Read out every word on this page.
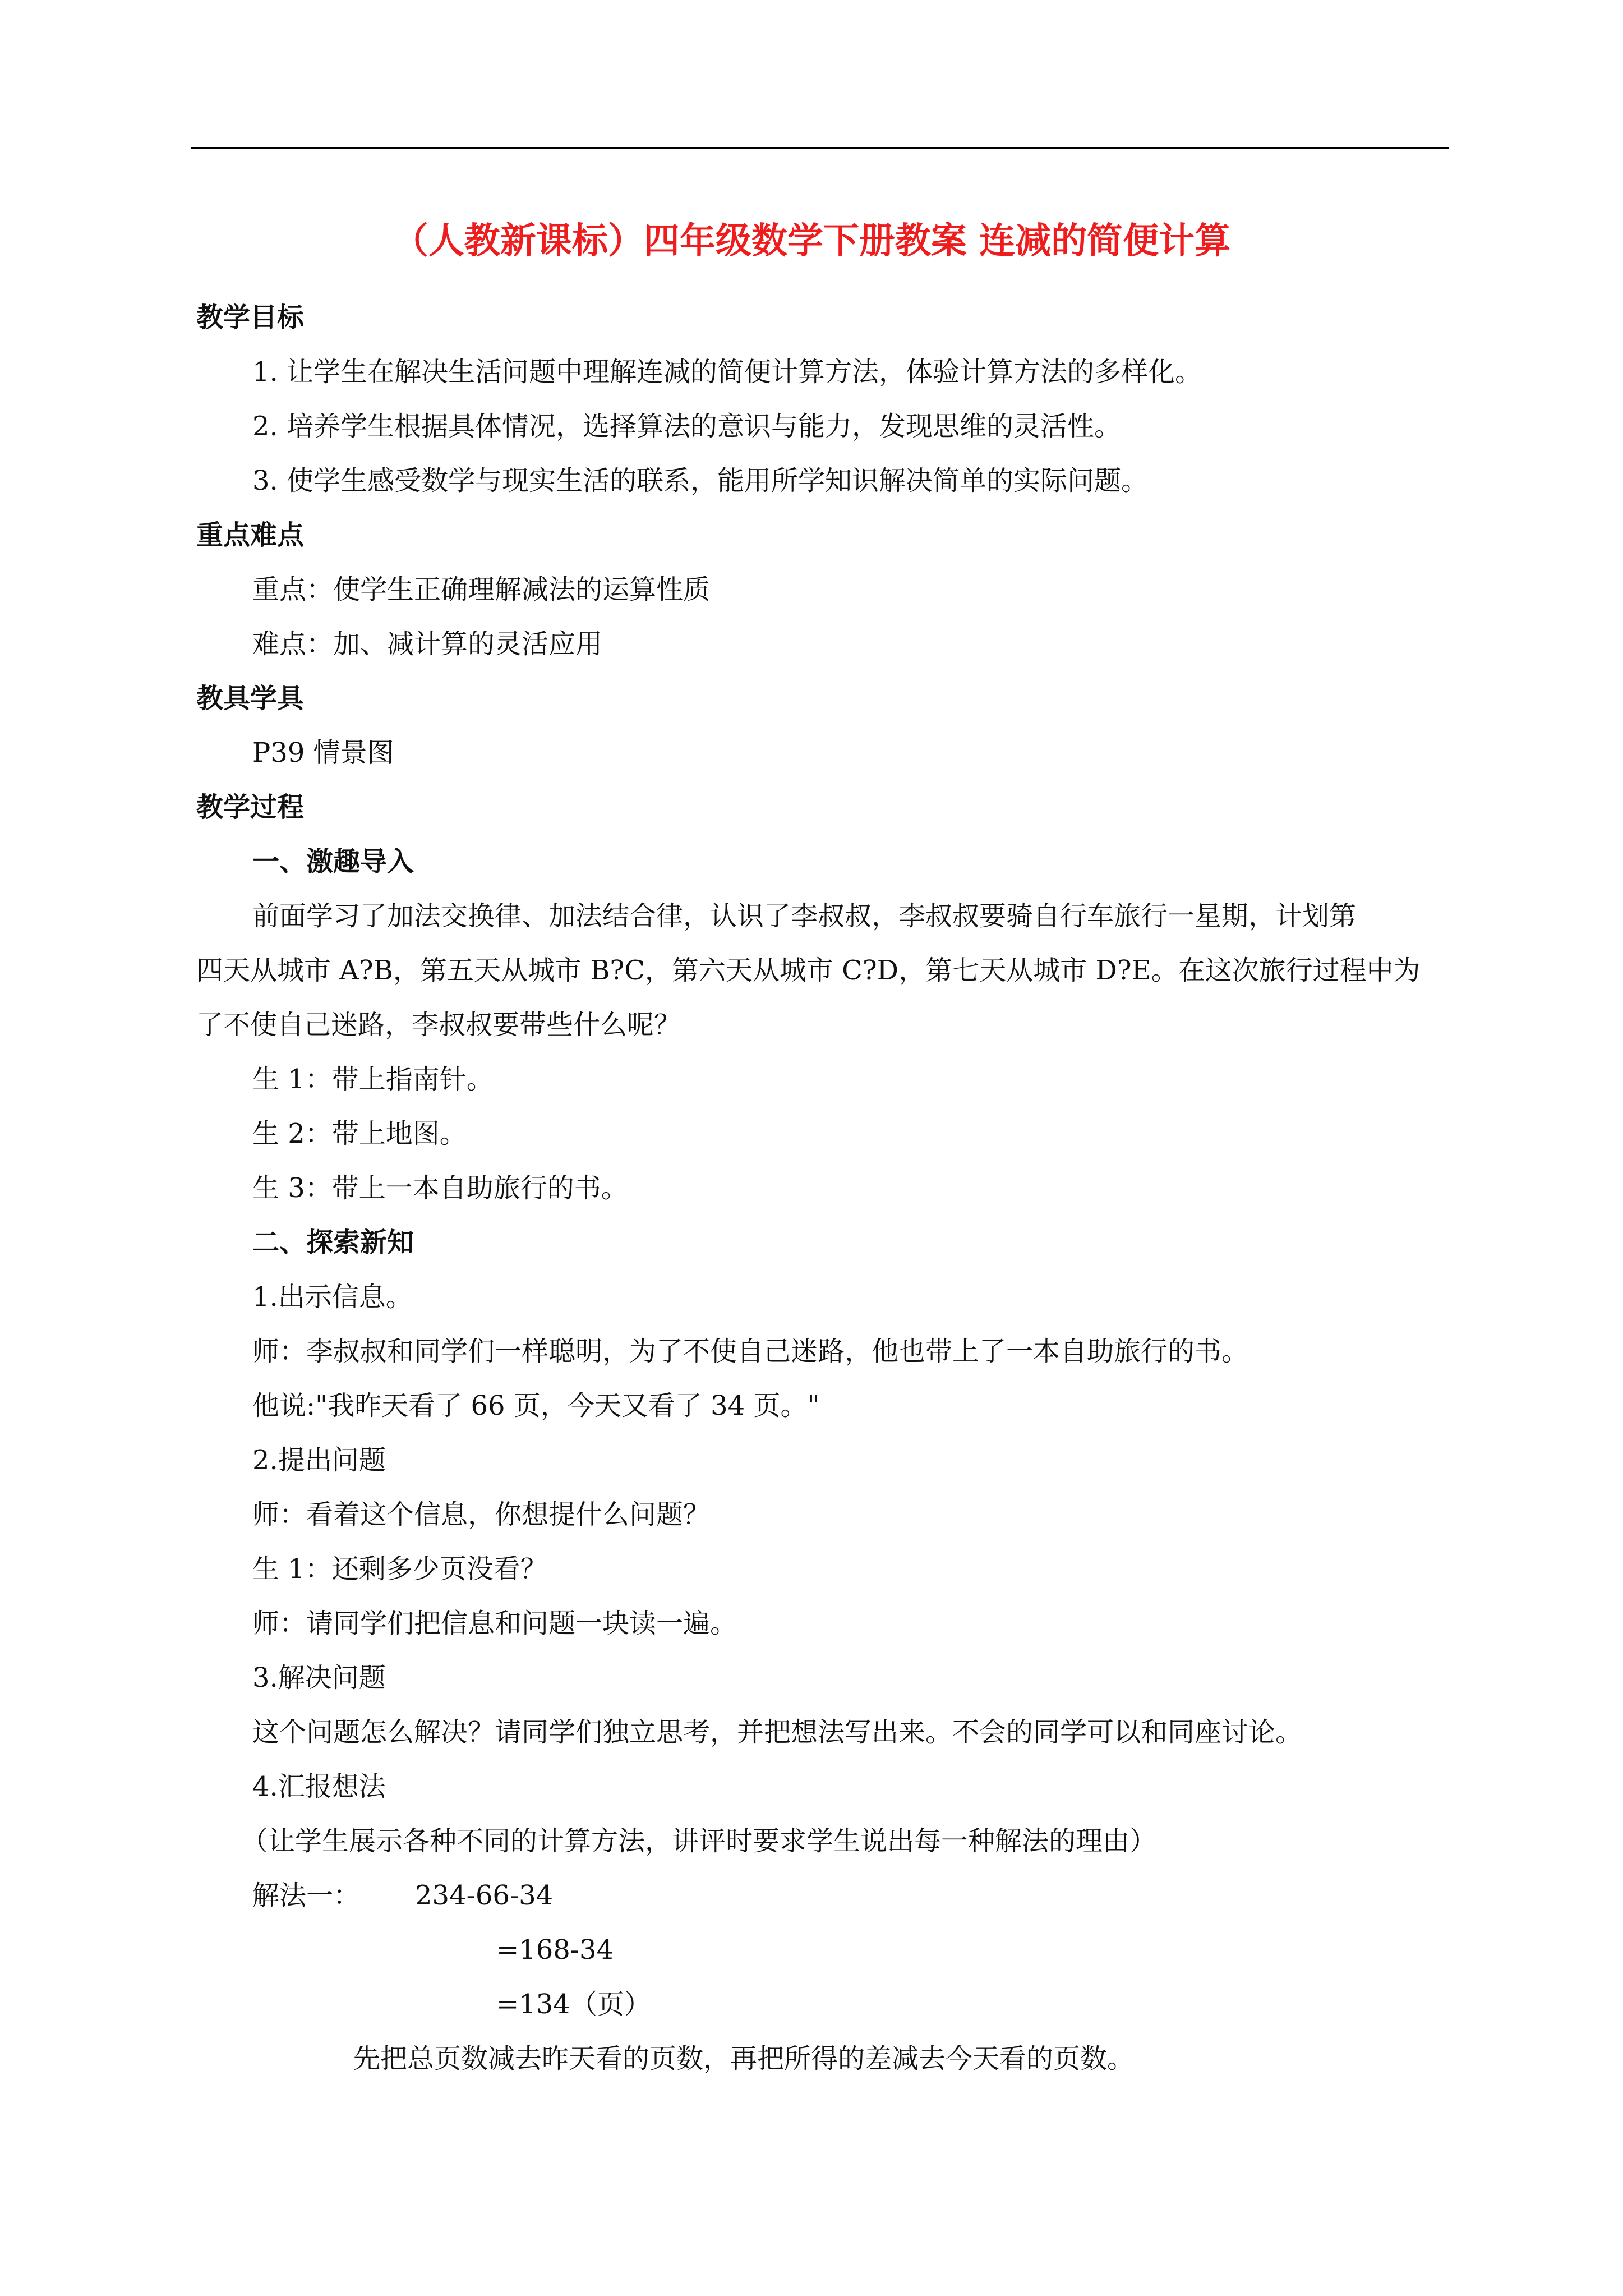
（人教新课标）四年级数学下册教案 连减的简便计算
教学目标
1. 让学生在解决生活问题中理解连减的简便计算方法，体验计算方法的多样化。
2. 培养学生根据具体情况，选择算法的意识与能力，发现思维的灵活性。
3. 使学生感受数学与现实生活的联系，能用所学知识解决简单的实际问题。
重点难点
重点：使学生正确理解减法的运算性质
难点：加、减计算的灵活应用
教具学具
P39 情景图
教学过程
一、激趣导入
前面学习了加法交换律、加法结合律，认识了李叔叔，李叔叔要骑自行车旅行一星期，计划第
四天从城市 A?B，第五天从城市 B?C，第六天从城市 C?D，第七天从城市 D?E。在这次旅行过程中为
了不使自己迷路，李叔叔要带些什么呢？
生 1：带上指南针。
生 2：带上地图。
生 3：带上一本自助旅行的书。
二、探索新知
1.出示信息。
师：李叔叔和同学们一样聪明，为了不使自己迷路，他也带上了一本自助旅行的书。
他说:"我昨天看了 66 页，今天又看了 34 页。"
2.提出问题
师：看着这个信息，你想提什么问题？
生 1：还剩多少页没看？
师：请同学们把信息和问题一块读一遍。
3.解决问题
这个问题怎么解决？请同学们独立思考，并把想法写出来。不会的同学可以和同座讨论。
4.汇报想法
（让学生展示各种不同的计算方法，讲评时要求学生说出每一种解法的理由）
解法一： 234-66-34
=168-34
=134（页）
先把总页数减去昨天看的页数，再把所得的差减去今天看的页数。
